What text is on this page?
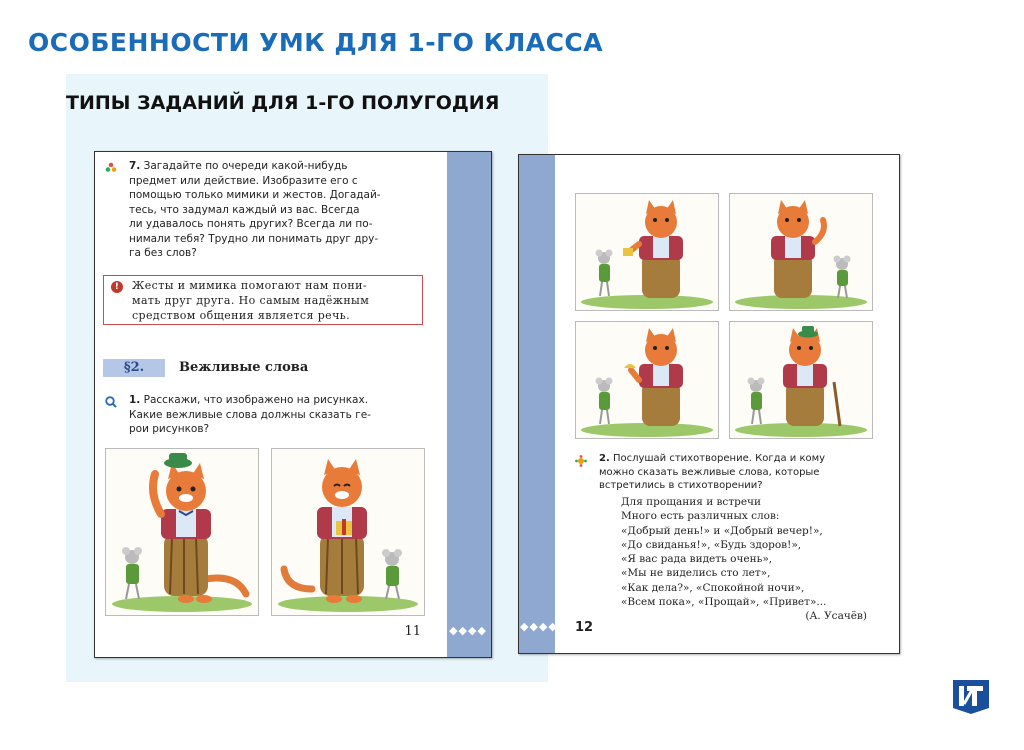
ОСОБЕННОСТИ УМК ДЛЯ 1-ГО КЛАССА
ТИПЫ ЗАДАНИЙ ДЛЯ 1-ГО ПОЛУГОДИЯ
◆◆◆◆
11
7. Загадайте по очереди какой-нибудь
предмет или действие. Изобразите его с
помощью только мимики и жестов. Догадай-
тесь, что задумал каждый из вас. Всегда
ли удавалось понять других? Всегда ли по-
нимали тебя? Трудно ли понимать друг дру-
га без слов?
!	Жесты и мимика помогают нам пони-
мать друг друга. Но самым надёжным
средством общения является речь.
§2.	Вежливые слова
1. Расскажи, что изображено на рисунках.
Какие вежливые слова должны сказать ге-
рои рисунков?
◆◆◆◆ 12
2. Послушай стихотворение. Когда и кому
можно сказать вежливые слова, которые
встретились в стихотворении?
Для прощания и встречи
Много есть различных слов:
«Добрый день!» и «Добрый вечер!»,
«До свиданья!», «Будь здоров!»,
«Я вас рада видеть очень»,
«Мы не виделись сто лет»,
«Как дела?», «Спокойной ночи»,
«Всем пока», «Прощай», «Привет»...
(А. Усачёв)
